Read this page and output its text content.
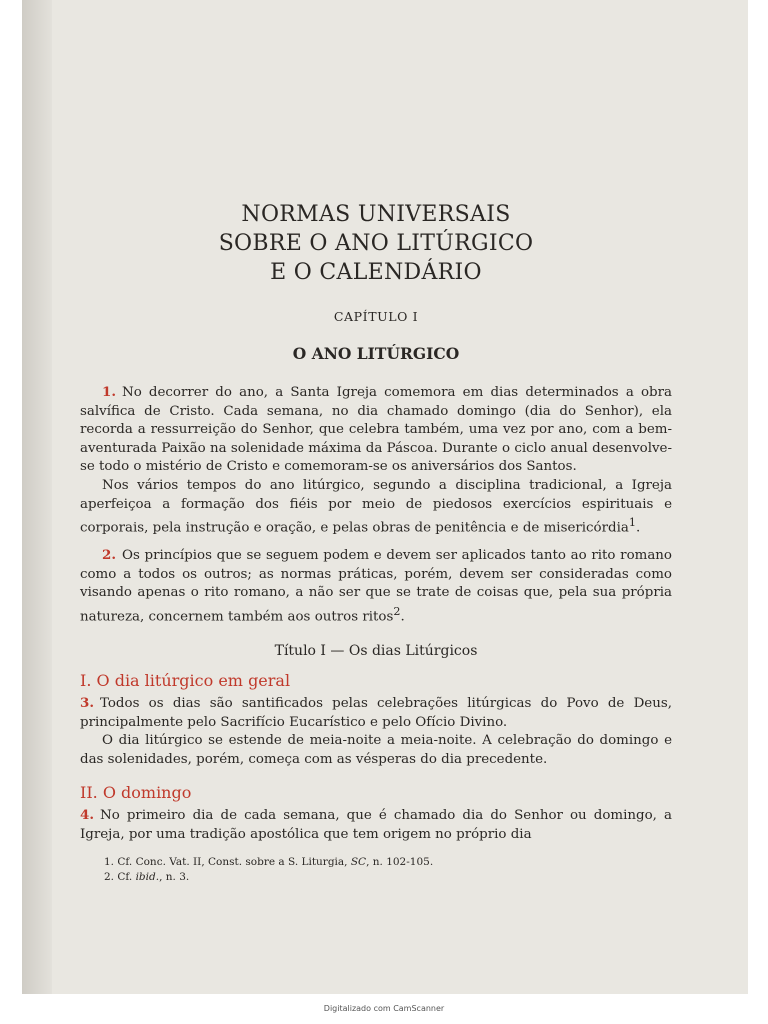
NORMAS UNIVERSAIS
SOBRE O ANO LITÚRGICO
E O CALENDÁRIO
CAPÍTULO I
O ANO LITÚRGICO

1. No decorrer do ano, a Santa Igreja comemora em dias determinados a obra salvífica de Cristo. Cada semana, no dia chamado domingo (dia do Senhor), ela recorda a ressurreição do Senhor, que celebra também, uma vez por ano, com a bem-aventurada Paixão na solenidade máxima da Páscoa. Durante o ciclo anual desenvolve-se todo o mistério de Cristo e comemoram-se os aniversários dos Santos.

Nos vários tempos do ano litúrgico, segundo a disciplina tradicional, a Igreja aperfeiçoa a formação dos fiéis por meio de piedosos exercícios espirituais e corporais, pela instrução e oração, e pelas obras de penitência e de misericórdia$^1$.

2. Os princípios que se seguem podem e devem ser aplicados tanto ao rito romano como a todos os outros; as normas práticas, porém, devem ser consideradas como visando apenas o rito romano, a não ser que se trate de coisas que, pela sua própria natureza, concernem também aos outros ritos$^2$.

Título I — Os dias Litúrgicos
I. O dia litúrgico em geral

3. Todos os dias são santificados pelas celebrações litúrgicas do Povo de Deus, principalmente pelo Sacrifício Eucarístico e pelo Ofício Divino.

O dia litúrgico se estende de meia-noite a meia-noite. A celebração do domingo e das solenidades, porém, começa com as vésperas do dia precedente.

II. O domingo

4. No primeiro dia de cada semana, que é chamado dia do Senhor ou domingo, a Igreja, por uma tradição apostólica que tem origem no próprio dia

1. Cf. Conc. Vat. II, Const. sobre a S. Liturgia, SC, n. 102-105.
2. Cf. ibid., n. 3.
Digitalizado com CamScanner
